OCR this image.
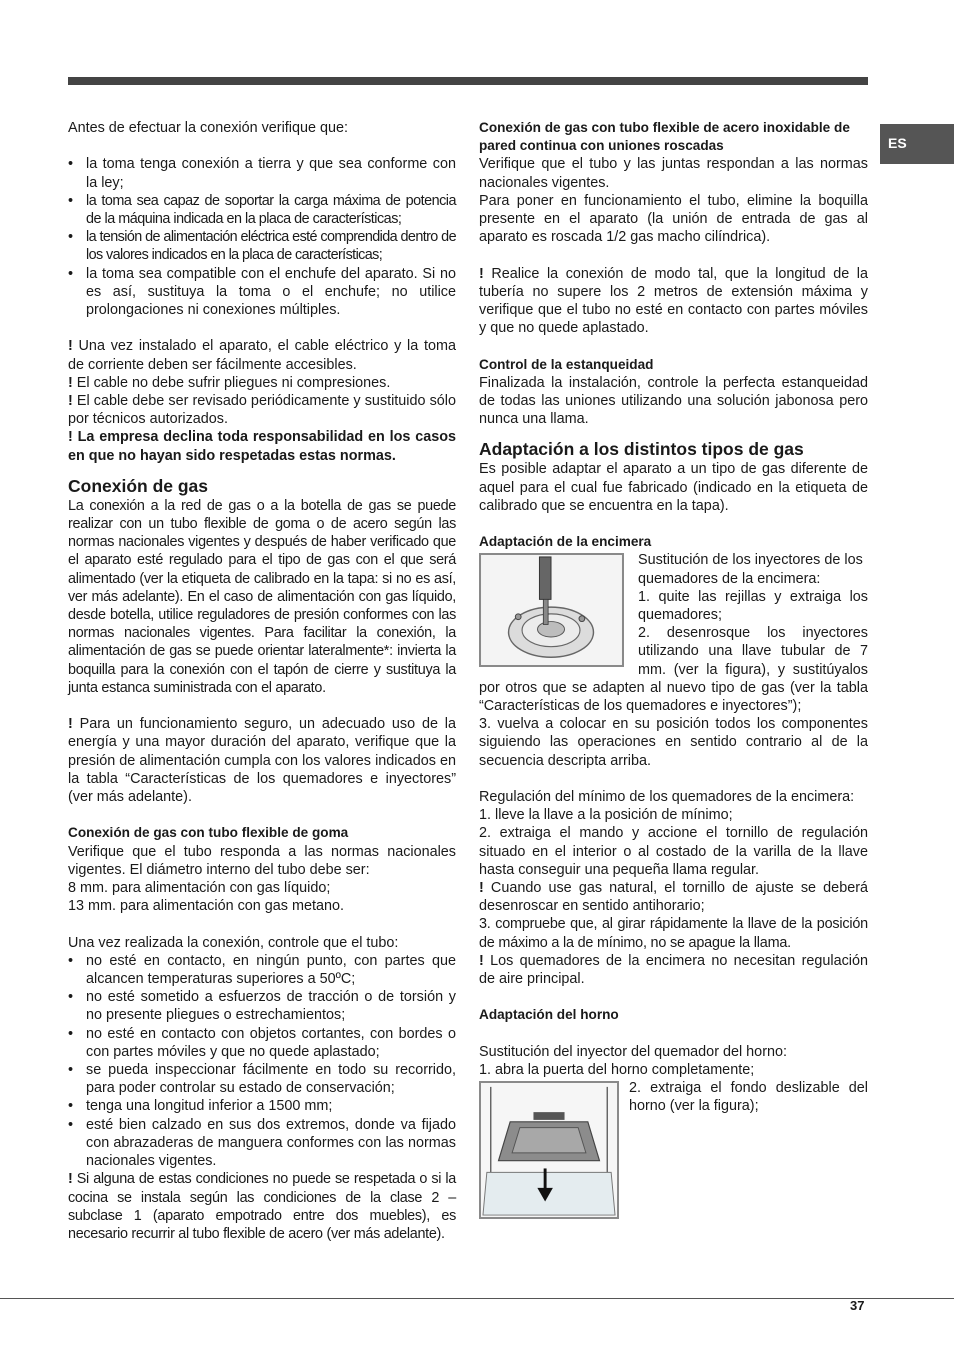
ES

Antes de efectuar la conexión verifique que:

• la toma tenga conexión a tierra y que sea conforme con la ley;
• la toma sea capaz de soportar la carga máxima de potencia de la máquina indicada en la placa de características;
• la tensión de alimentación eléctrica esté comprendida dentro de los valores indicados en la placa de características;
• la toma sea compatible con el enchufe del aparato. Si no es así, sustituya la toma o el enchufe; no utilice prolongaciones ni conexiones múltiples.

! Una vez instalado el aparato, el cable eléctrico y la toma de corriente deben ser fácilmente accesibles.

! El cable no debe sufrir pliegues ni compresiones.

! El cable debe ser revisado periódicamente y sustituido sólo por técnicos autorizados.

! La empresa declina toda responsabilidad en los casos en que no hayan sido respetadas estas normas.

Conexión de gas

La conexión a la red de gas o a la botella de gas se puede realizar con un tubo flexible de goma o de acero según las normas nacionales vigentes y después de haber verificado que el aparato esté regulado para el tipo de gas con el que será alimentado (ver la etiqueta de calibrado en la tapa: si no es así, ver más adelante). En el caso de alimentación con gas líquido, desde botella, utilice reguladores de presión conformes con las normas nacionales vigentes. Para facilitar la conexión, la alimentación de gas se puede orientar lateralmente*: invierta la boquilla para la conexión con el tapón de cierre y sustituya la junta estanca suministrada con el aparato.

! Para un funcionamiento seguro, un adecuado uso de la energía y una mayor duración del aparato, verifique que la presión de alimentación cumpla con los valores indicados en la tabla “Características de los quemadores e inyectores” (ver más adelante).

Conexión de gas con tubo flexible de goma

Verifique que el tubo responda a las normas nacionales vigentes. El diámetro interno del tubo debe ser:

8 mm. para alimentación con gas líquido;

13 mm. para alimentación con gas metano.

Una vez realizada la conexión, controle que el tubo:

• no esté en contacto, en ningún punto, con partes que alcancen temperaturas superiores a 50ºC;
• no esté sometido a esfuerzos de tracción o de torsión y no presente pliegues o estrechamientos;
• no esté en contacto con objetos cortantes, con bordes o con partes móviles y que no quede aplastado;
• se pueda inspeccionar fácilmente en todo su recorrido, para poder controlar su estado de conservación;
• tenga una longitud inferior a 1500 mm;
• esté bien calzado en sus dos extremos, donde va fijado con abrazaderas de manguera conformes con las normas nacionales vigentes.

! Si alguna de estas condiciones no puede se respetada o si la cocina se instala según las condiciones de la clase 2 – subclase 1 (aparato empotrado entre dos muebles), es necesario recurrir al tubo flexible de acero (ver más adelante).

Conexión de gas con tubo flexible de acero inoxidable de pared continua con uniones roscadas

Verifique que el tubo y las juntas respondan a las normas nacionales vigentes.

Para poner en funcionamiento el tubo, elimine la boquilla presente en el aparato (la unión de entrada de gas al aparato es roscada 1/2 gas macho cilíndrica).

! Realice la conexión de modo tal, que la longitud de la tubería no supere los 2 metros de extensión máxima y verifique que el tubo no esté en contacto con partes móviles y que no quede aplastado.

Control de la estanqueidad

Finalizada la instalación, controle la perfecta estanqueidad de todas las uniones utilizando una solución jabonosa pero nunca una llama.

Adaptación a los distintos tipos de gas

Es posible adaptar el aparato a un tipo de gas diferente de aquel para el cual fue fabricado (indicado en la etiqueta de calibrado que se encuentra en la tapa).

Adaptación de la encimera

Sustitución de los inyectores de los quemadores de la encimera:

1. quite las rejillas y extraiga los quemadores;

2. desenrosque los inyectores utilizando una llave tubular de 7 mm. (ver la figura), y sustitúyalos por otros que se adapten al nuevo tipo de gas (ver la tabla “Características de los quemadores e inyectores”);

3. vuelva a colocar en su posición todos los componentes siguiendo las operaciones en sentido contrario al de la secuencia descripta arriba.

Regulación del mínimo de los quemadores de la encimera:

1. lleve la llave a la posición de mínimo;

2. extraiga el mando y accione el tornillo de regulación situado en el interior o al costado de la varilla de la llave hasta conseguir una pequeña llama regular.

! Cuando use gas natural, el tornillo de ajuste se deberá desenroscar en sentido antihorario;

3. compruebe que, al girar rápidamente la llave de la posición de máximo a la de mínimo, no se apague la llama.

! Los quemadores de la encimera no necesitan regulación de aire principal.

Adaptación del horno

Sustitución del inyector del quemador del horno:

1. abra la puerta del horno completamente;

2. extraiga el fondo deslizable del horno (ver la figura);

37
